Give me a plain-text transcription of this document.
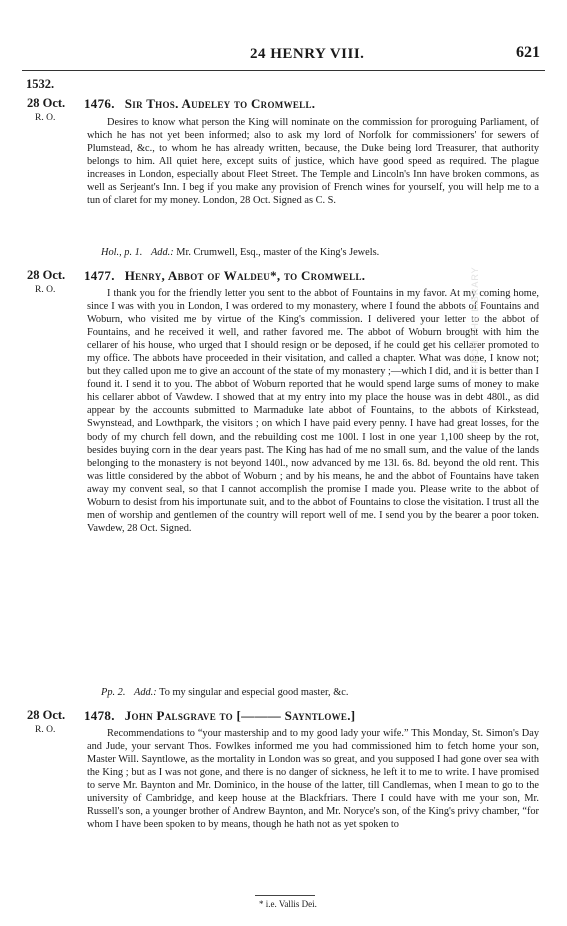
24 HENRY VIII.	621
1532.
28 Oct.
R. O.
1476. Sir Thos. Audeley to Cromwell.

Desires to know what person the King will nominate on the commission for proroguing Parliament, of which he has not yet been informed; also to ask my lord of Norfolk for commissioners' for sewers of Plumstead, &c., to whom he has already written, because, the Duke being lord Treasurer, that authority belongs to him. All quiet here, except suits of justice, which have good speed as required. The plague increases in London, especially about Fleet Street. The Temple and Lincoln's Inn have broken commons, as well as Serjeant's Inn. I beg if you make any provision of French wines for yourself, you will help me to a tun of claret for my money. London, 28 Oct. Signed as C. S.

Hol., p. 1. Add.: Mr. Crumwell, Esq., master of the King's Jewels.
28 Oct.
R. O.
1477. Henry, Abbot of Waldeu*, to Cromwell.

I thank you for the friendly letter you sent to the abbot of Fountains in my favor. At my coming home, since I was with you in London, I was ordered to my monastery, where I found the abbots of Fountains and Woburn, who visited me by virtue of the King's commission. I delivered your letter to the abbot of Fountains, and he received it well, and rather favored me. The abbot of Woburn brought with him the cellarer of his house, who urged that I should resign or be deposed, if he could get his cellarer promoted to my office. The abbots have proceeded in their visitation, and called a chapter. What was done, I know not; but they called upon me to give an account of the state of my monastery ;—which I did, and it is better than I found it. I send it to you. The abbot of Woburn reported that he would spend large sums of money to make his cellarer abbot of Vawdew. I showed that at my entry into my place the house was in debt 480l., as did appear by the accounts submitted to Marmaduke late abbot of Fountains, to the abbots of Kirkstead, Swynstead, and Lowthpark, the visitors ; on which I have paid every penny. I have had great losses, for the body of my church fell down, and the rebuilding cost me 100l. I lost in one year 1,100 sheep by the rot, besides buying corn in the dear years past. The King has had of me no small sum, and the value of the lands belonging to the monastery is not beyond 140l., now advanced by me 13l. 6s. 8d. beyond the old rent. This was little considered by the abbot of Woburn ; and by his means, he and the abbot of Fountains have taken away my convent seal, so that I cannot accomplish the promise I made you. Please write to the abbot of Woburn to desist from his importunate suit, and to the abbot of Fountains to close the visitation. I trust all the men of worship and gentlemen of the country will report well of me. I send you by the bearer a poor token. Vawdew, 28 Oct. Signed.

Pp. 2. Add.: To my singular and especial good master, &c.
28 Oct.
R. O.
1478. John Palsgrave to [——— Sayntlowe.]

Recommendations to “your mastership and to my good lady your wife.” This Monday, St. Simon's Day and Jude, your servant Thos. Fowlkes informed me you had commissioned him to fetch home your son, Master Will. Sayntlowe, as the mortality in London was so great, and you supposed I had gone over sea with the King ; but as I was not gone, and there is no danger of sickness, he left it to me to write. I have promised to serve Mr. Baynton and Mr. Dominico, in the house of the latter, till Candlemas, when I mean to go to the university of Cambridge, and keep house at the Blackfriars. There I could have with me your son, Mr. Russell's son, a younger brother of Andrew Baynton, and Mr. Noryce's son, of the King's privy chamber, “for whom I have been spoken to by means, though he hath not as yet spoken to

* i.e. Vallis Dei.
FROM THE LIBRARY
